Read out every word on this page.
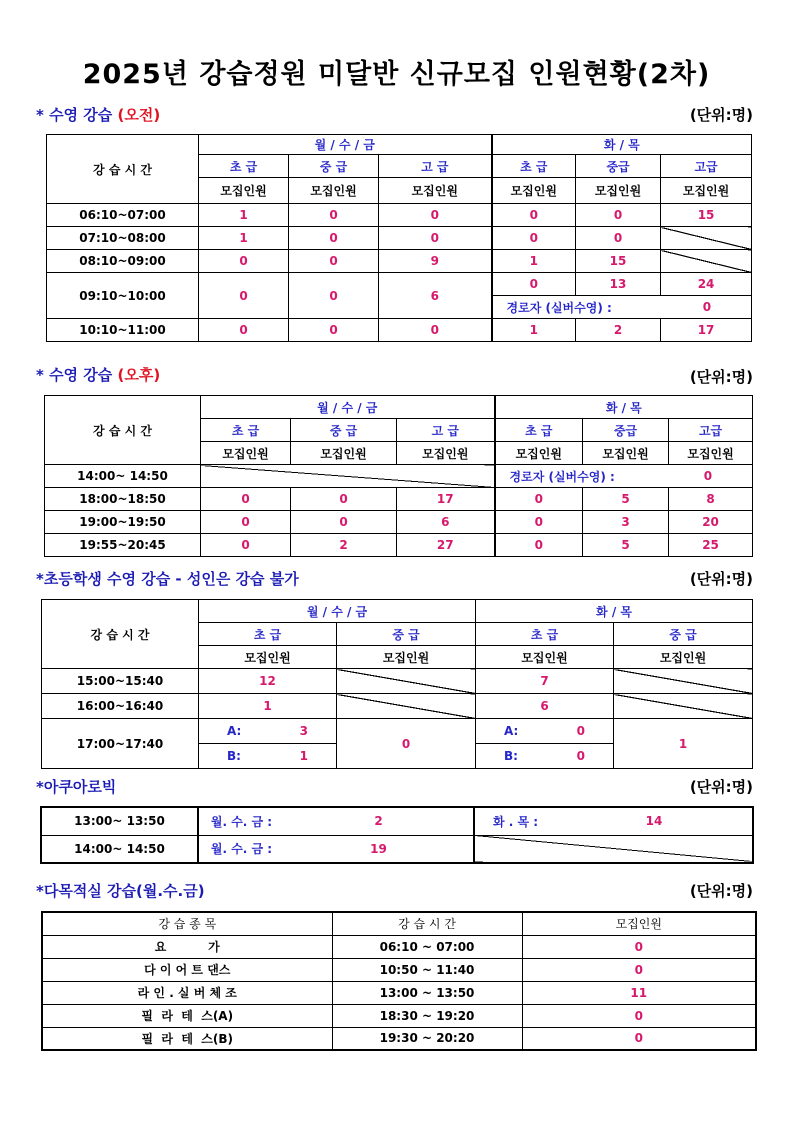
2025년 강습정원 미달반 신규모집 인원현황(2차)
* 수영 강습 (오전)	(단위:명)
강 습 시 간	월 / 수 / 금			화 / 목		
	초 급	중 급	고 급	초 급	중급	고급
	모집인원	모집인원	모집인원	모집인원	모집인원	모집인원
06:10~07:00	1	0	0	0	0	15
07:10~08:00	1	0	0	0	0	
08:10~09:00	0	0	9	1	15	
09:10~10:00	0	0	6	0	13	24

				경로자 (실버수영) : 0		

10:10~11:00	0	0	0	1	2	17
* 수영 강습 (오후)	(단위:명)
강 습 시 간	월 / 수 / 금			화 / 목		
	초 급	중 급	고 급	초 급	중급	고급
	모집인원	모집인원	모집인원	모집인원	모집인원	모집인원
14:00~ 14:50				경로자 (실버수영) : 0		

18:00~18:50	0	0	17	0	5	8
19:00~19:50	0	0	6	0	3	20
19:55~20:45	0	2	27	0	5	25
*초등학생 수영 강습 - 성인은 강습 불가	(단위:명)
강 습 시 간	월 / 수 / 금		화 / 목	
	초 급	중 급	초 급	중 급
	모집인원	모집인원	모집인원	모집인원
15:00~15:40	12		7	
16:00~16:40	1		6	
17:00~17:40	A: 3	0	A: 0	1

	B: 1		B: 0	
*아쿠아로빅	(단위:명)
13:00~ 13:50	월. 수. 금 :	2	화 . 목 :	14
14:00~ 14:50	월. 수. 금 :	19		
*다목적실 강습(월.수.금)	(단위:명)
강 습 종 목	강 습 시 간	모집인원
요          가	06:10 ~ 07:00	0
다 이 어 트 댄스	10:50 ~ 11:40	0
라 인 . 실 버 체 조	13:00 ~ 13:50	11
필  라  테  스(A)	18:30 ~ 19:20	0
필  라  테  스(B)	19:30 ~ 20:20	0
